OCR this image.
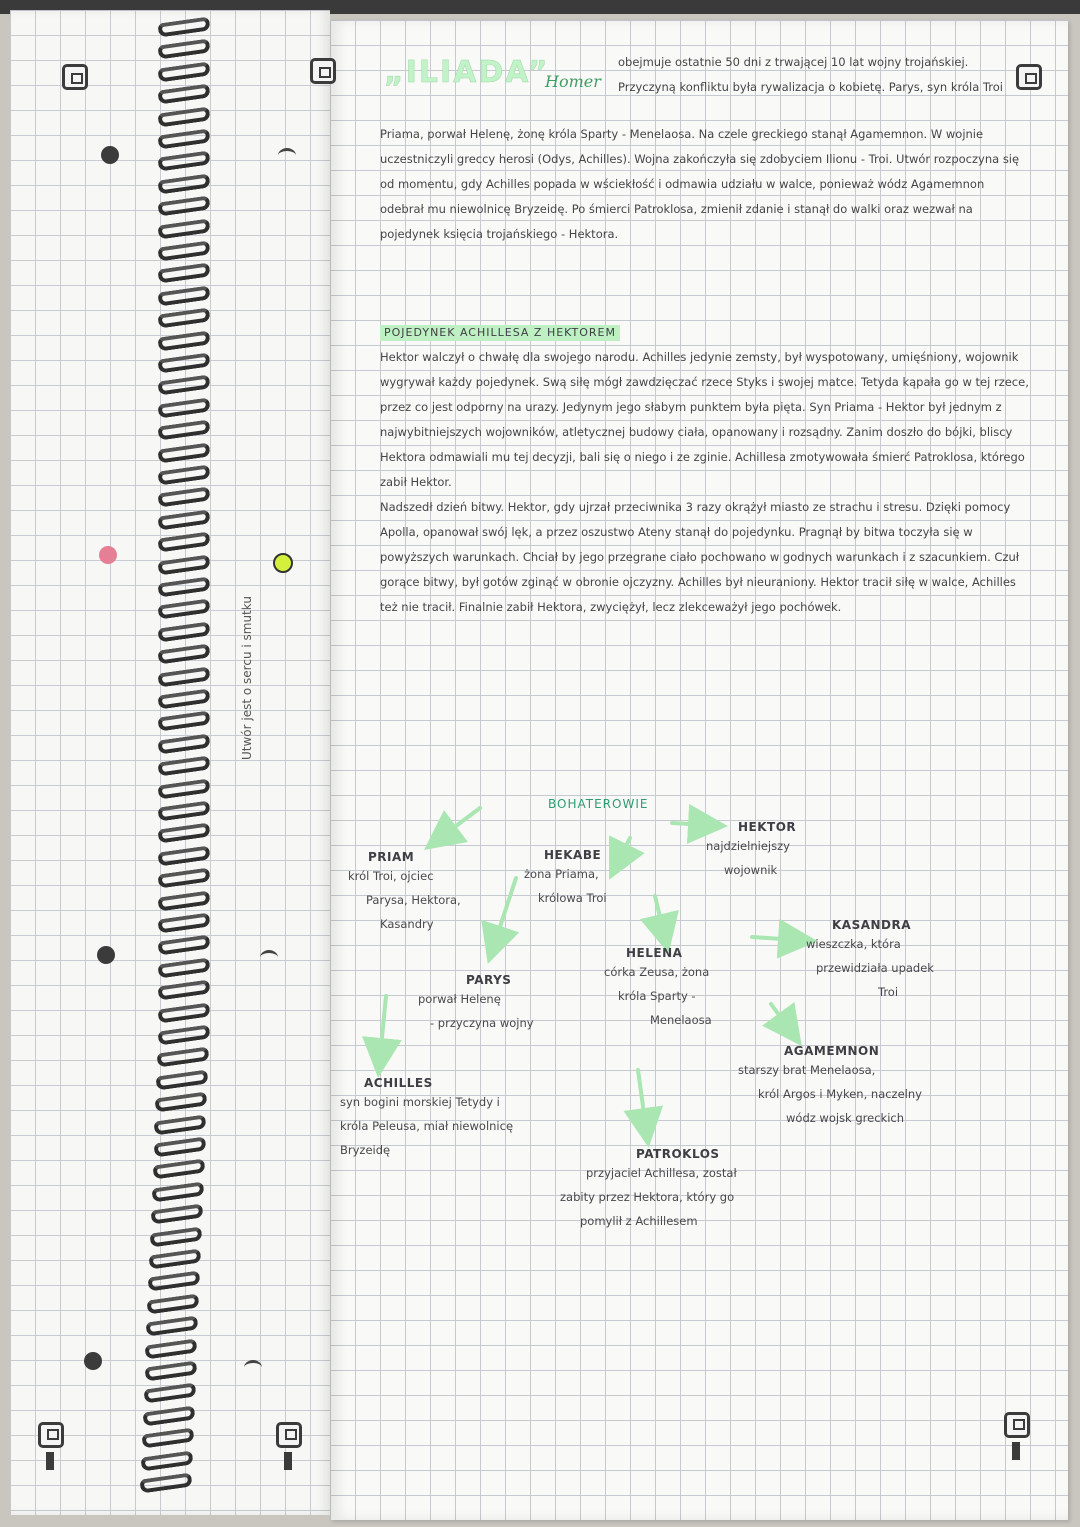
Utwór jest o sercu i smutku
„ILIADA”
Homer
obejmuje ostatnie 50 dni z trwającej 10 lat wojny trojańskiej. Przyczyną konfliktu była rywalizacja o kobietę. Parys, syn króla Troi
Priama, porwał Helenę, żonę króla Sparty - Menelaosa. Na czele greckiego stanął Agamemnon. W wojnie uczestniczyli greccy herosi (Odys, Achilles). Wojna zakończyła się zdobyciem Ilionu - Troi. Utwór rozpoczyna się od momentu, gdy Achilles popada w wściekłość i odmawia udziału w walce, ponieważ wódz Agamemnon odebrał mu niewolnicę Bryzeidę. Po śmierci Patroklosa, zmienił zdanie i stanął do walki oraz wezwał na pojedynek księcia trojańskiego - Hektora.
POJEDYNEK ACHILLESA Z HEKTOREM

Hektor walczył o chwałę dla swojego narodu. Achilles jedynie zemsty, był wyspotowany, umięśniony, wojownik wygrywał każdy pojedynek. Swą siłę mógł zawdzięczać rzece Styks i swojej matce. Tetyda kąpała go w tej rzece, przez co jest odporny na urazy. Jedynym jego słabym punktem była pięta. Syn Priama - Hektor był jednym z najwybitniejszych wojowników, atletycznej budowy ciała, opanowany i rozsądny. Zanim doszło do bójki, bliscy Hektora odmawiali mu tej decyzji, bali się o niego i ze zginie. Achillesa zmotywowała śmierć Patroklosa, którego zabił Hektor.

Nadszedł dzień bitwy. Hektor, gdy ujrzał przeciwnika 3 razy okrążył miasto ze strachu i stresu. Dzięki pomocy Apolla, opanował swój lęk, a przez oszustwo Ateny stanął do pojedynku. Pragnął by bitwa toczyła się w powyższych warunkach. Chciał by jego przegrane ciało pochowano w godnych warunkach i z szacunkiem. Czuł gorące bitwy, był gotów zginąć w obronie ojczyzny. Achilles był nieuraniony. Hektor tracił siłę w walce, Achilles też nie tracił. Finalnie zabił Hektora, zwyciężył, lecz zlekceważył jego pochówek.

BOHATEROWIE
PRIAM
król Troi, ojciec
Parysa, Hektora,
Kasandry
HEKABE
żona Priama,
królowa Troi
HEKTOR
najdzielniejszy
wojownik
KASANDRA
wieszczka, która
przewidziała upadek
Troi
HELENA
córka Zeusa, żona
króla Sparty -
Menelaosa
PARYS
porwał Helenę
- przyczyna wojny
AGAMEMNON
starszy brat Menelaosa,
król Argos i Myken, naczelny
wódz wojsk greckich
ACHILLES
syn bogini morskiej Tetydy i
króla Peleusa, miał niewolnicę
Bryzeidę	PATROKLOS
przyjaciel Achillesa, został
zabity przez Hektora, który go
pomylił z Achillesem
